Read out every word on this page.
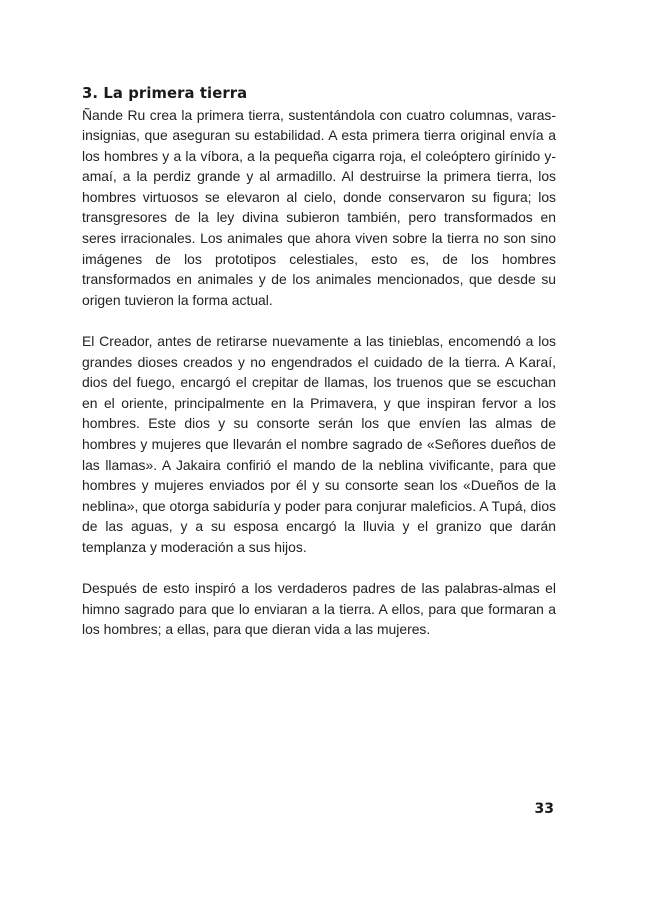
3. La primera tierra

Ñande Ru crea la primera tierra, sustentándola con cuatro columnas, varas-insignias, que aseguran su estabilidad. A esta primera tierra original envía a los hombres y a la víbora, a la pequeña cigarra roja, el coleóptero girínido y-amaí, a la perdiz grande y al armadillo. Al destruirse la primera tierra, los hombres virtuosos se elevaron al cielo, donde conservaron su figura; los transgresores de la ley divina subieron también, pero transformados en seres irracionales. Los animales que ahora viven sobre la tierra no son sino imágenes de los prototipos celestiales, esto es, de los hombres transformados en animales y de los animales mencionados, que desde su origen tuvieron la forma actual.

El Creador, antes de retirarse nuevamente a las tinieblas, encomendó a los grandes dioses creados y no engendrados el cuidado de la tierra. A Karaí, dios del fuego, encargó el crepitar de llamas, los truenos que se escuchan en el oriente, principalmente en la Primavera, y que inspiran fervor a los hombres. Este dios y su consorte serán los que envíen las almas de hombres y mujeres que llevarán el nombre sagrado de «Señores dueños de las llamas». A Jakaira confirió el mando de la neblina vivificante, para que hombres y mujeres enviados por él y su consorte sean los «Dueños de la neblina», que otorga sabiduría y poder para conjurar maleficios. A Tupá, dios de las aguas, y a su esposa encargó la lluvia y el granizo que darán templanza y moderación a sus hijos.

Después de esto inspiró a los verdaderos padres de las palabras-almas el himno sagrado para que lo enviaran a la tierra. A ellos, para que formaran a los hombres; a ellas, para que dieran vida a las mujeres.

33
